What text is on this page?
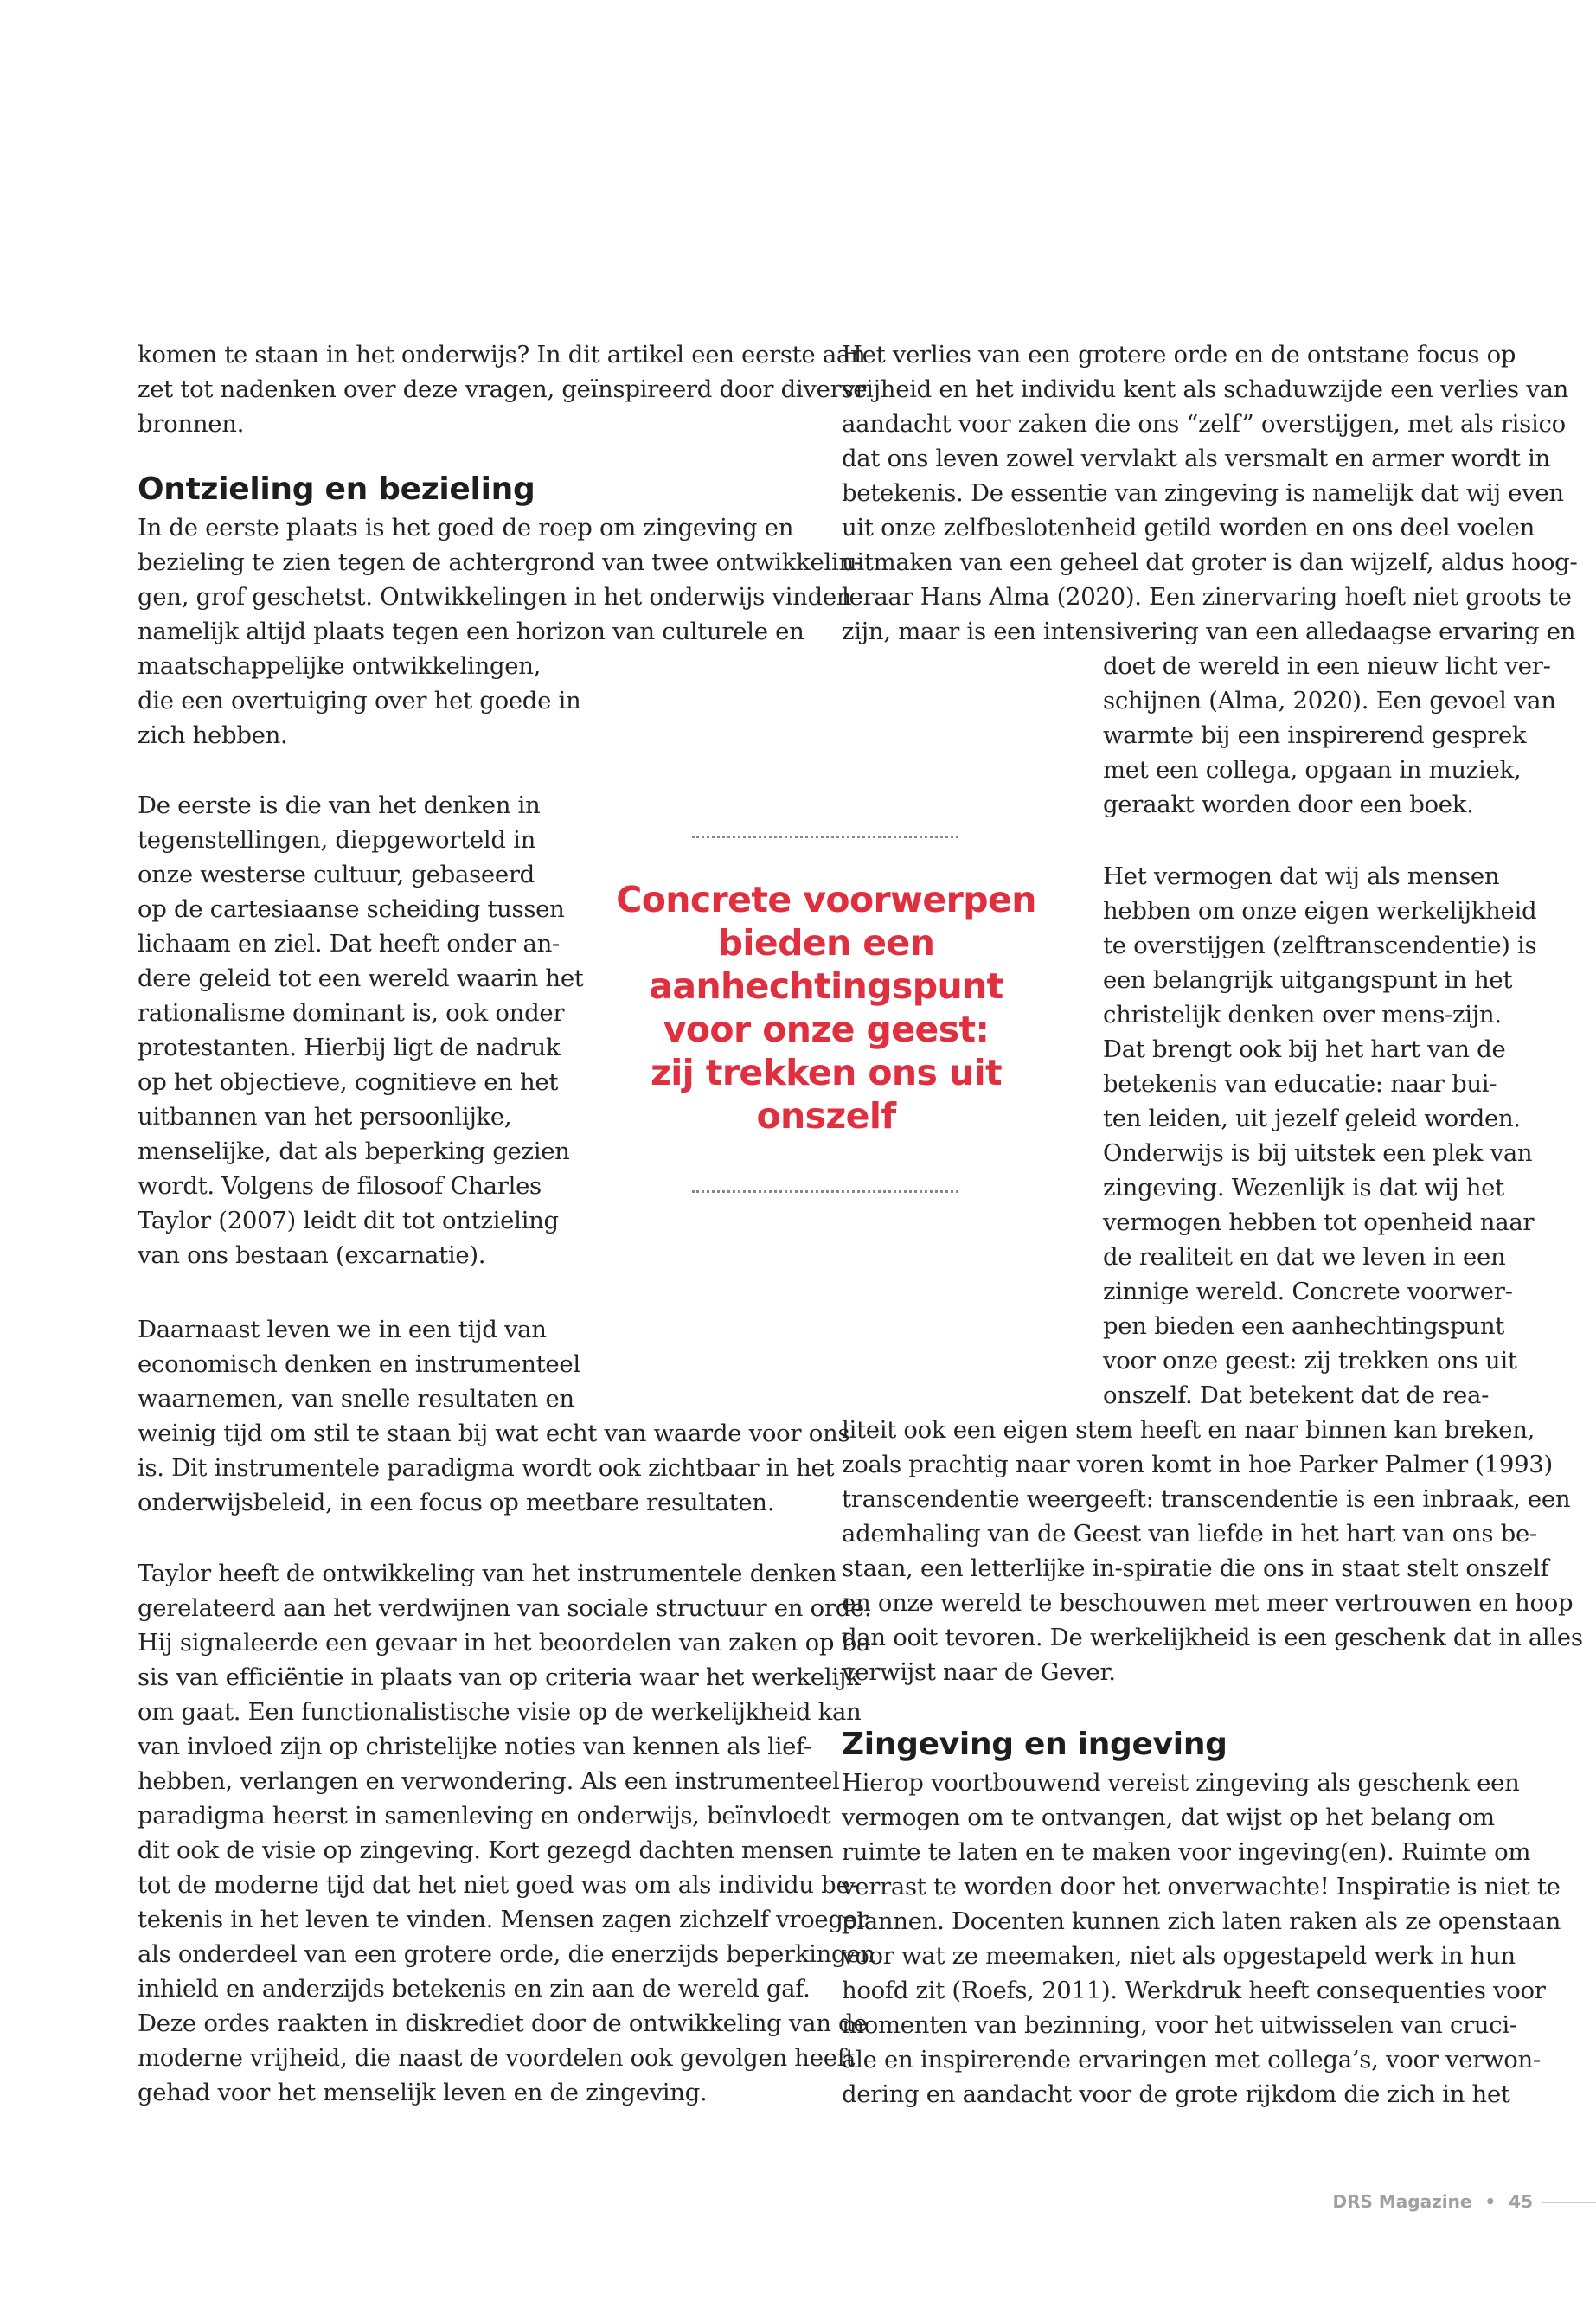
komen te staan in het onderwijs? In dit artikel een eerste aan-
zet tot nadenken over deze vragen, geïnspireerd door diverse
bronnen.
Ontzieling en bezieling
In de eerste plaats is het goed de roep om zingeving en
bezieling te zien tegen de achtergrond van twee ontwikkelin-
gen, grof geschetst. Ontwikkelingen in het onderwijs vinden
namelijk altijd plaats tegen een horizon van culturele en
maatschappelijke ontwikkelingen,
die een overtuiging over het goede in
zich hebben.
De eerste is die van het denken in
tegenstellingen, diepgeworteld in
onze westerse cultuur, gebaseerd
op de cartesiaanse scheiding tussen
lichaam en ziel. Dat heeft onder an-
dere geleid tot een wereld waarin het
rationalisme dominant is, ook onder
protestanten. Hierbij ligt de nadruk
op het objectieve, cognitieve en het
uitbannen van het persoonlijke,
menselijke, dat als beperking gezien
wordt. Volgens de filosoof Charles
Taylor (2007) leidt dit tot ontzieling
van ons bestaan (excarnatie).
Daarnaast leven we in een tijd van
economisch denken en instrumenteel
waarnemen, van snelle resultaten en
weinig tijd om stil te staan bij wat echt van waarde voor ons
is. Dit instrumentele paradigma wordt ook zichtbaar in het
onderwijsbeleid, in een focus op meetbare resultaten.
Taylor heeft de ontwikkeling van het instrumentele denken
gerelateerd aan het verdwijnen van sociale structuur en orde.
Hij signaleerde een gevaar in het beoordelen van zaken op ba-
sis van efficiëntie in plaats van op criteria waar het werkelijk
om gaat. Een functionalistische visie op de werkelijkheid kan
van invloed zijn op christelijke noties van kennen als lief-
hebben, verlangen en verwondering. Als een instrumenteel
paradigma heerst in samenleving en onderwijs, beïnvloedt
dit ook de visie op zingeving. Kort gezegd dachten mensen
tot de moderne tijd dat het niet goed was om als individu be-
tekenis in het leven te vinden. Mensen zagen zichzelf vroeger
als onderdeel van een grotere orde, die enerzijds beperkingen
inhield en anderzijds betekenis en zin aan de wereld gaf.
Deze ordes raakten in diskrediet door de ontwikkeling van de
moderne vrijheid, die naast de voordelen ook gevolgen heeft
gehad voor het menselijk leven en de zingeving.
Het verlies van een grotere orde en de ontstane focus op
vrijheid en het individu kent als schaduwzijde een verlies van
aandacht voor zaken die ons “zelf” overstijgen, met als risico
dat ons leven zowel vervlakt als versmalt en armer wordt in
betekenis. De essentie van zingeving is namelijk dat wij even
uit onze zelfbeslotenheid getild worden en ons deel voelen
uitmaken van een geheel dat groter is dan wijzelf, aldus hoog-
leraar Hans Alma (2020). Een zinervaring hoeft niet groots te
zijn, maar is een intensivering van een alledaagse ervaring en
doet de wereld in een nieuw licht ver-
schijnen (Alma, 2020). Een gevoel van
warmte bij een inspirerend gesprek
met een collega, opgaan in muziek,
geraakt worden door een boek.
Het vermogen dat wij als mensen
hebben om onze eigen werkelijkheid
te overstijgen (zelftranscendentie) is
een belangrijk uitgangspunt in het
christelijk denken over mens-zijn.
Dat brengt ook bij het hart van de
betekenis van educatie: naar bui-
ten leiden, uit jezelf geleid worden.
Onderwijs is bij uitstek een plek van
zingeving. Wezenlijk is dat wij het
vermogen hebben tot openheid naar
de realiteit en dat we leven in een
zinnige wereld. Concrete voorwer-
pen bieden een aanhechtingspunt
voor onze geest: zij trekken ons uit
onszelf. Dat betekent dat de rea-
liteit ook een eigen stem heeft en naar binnen kan breken,
zoals prachtig naar voren komt in hoe Parker Palmer (1993)
transcendentie weergeeft: transcendentie is een inbraak, een
ademhaling van de Geest van liefde in het hart van ons be-
staan, een letterlijke in-spiratie die ons in staat stelt onszelf
en onze wereld te beschouwen met meer vertrouwen en hoop
dan ooit tevoren. De werkelijkheid is een geschenk dat in alles
verwijst naar de Gever.
Zingeving en ingeving
Hierop voortbouwend vereist zingeving als geschenk een
vermogen om te ontvangen, dat wijst op het belang om
ruimte te laten en te maken voor ingeving(en). Ruimte om
verrast te worden door het onverwachte! Inspiratie is niet te
plannen. Docenten kunnen zich laten raken als ze openstaan
voor wat ze meemaken, niet als opgestapeld werk in hun
hoofd zit (Roefs, 2011). Werkdruk heeft consequenties voor
momenten van bezinning, voor het uitwisselen van cruci-
ale en inspirerende ervaringen met collega’s, voor verwon-
dering en aandacht voor de grote rijkdom die zich in het
Concrete voorwerpen
bieden een
aanhechtingspunt
voor onze geest:
zij trekken ons uit
onszelf
DRS Magazine • 45
